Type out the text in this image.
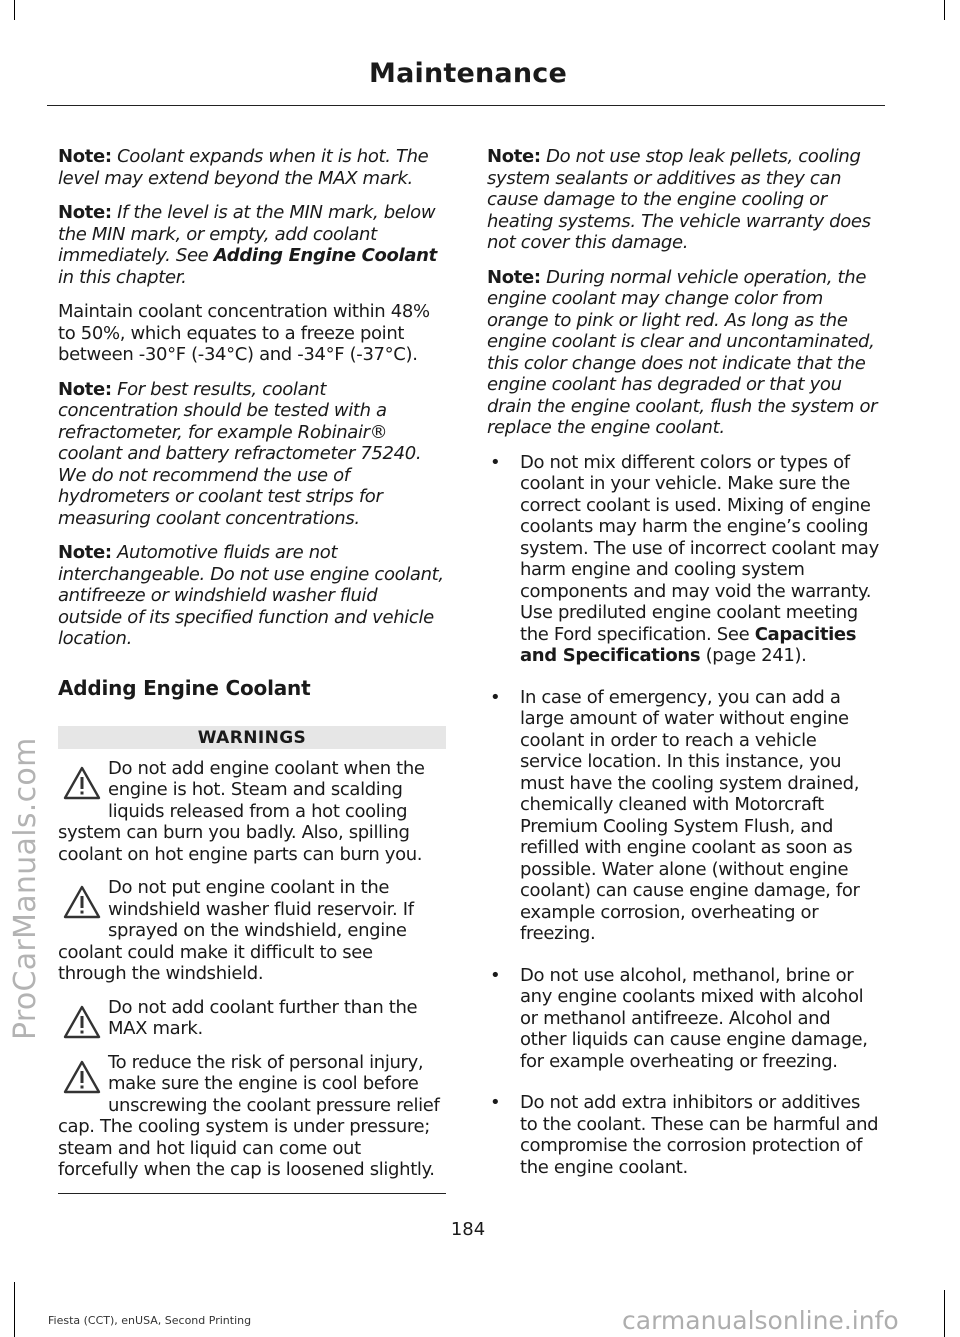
Maintenance

Note: Coolant expands when it is hot. The level may extend beyond the MAX mark.

Note: If the level is at the MIN mark, below the MIN mark, or empty, add coolant immediately. See Adding Engine Coolant in this chapter.

Maintain coolant concentration within 48% to 50%, which equates to a freeze point between -30°F (-34°C) and -34°F (-37°C).

Note: For best results, coolant concentration should be tested with a refractometer, for example Robinair® coolant and battery refractometer 75240. We do not recommend the use of hydrometers or coolant test strips for measuring coolant concentrations.

Note: Automotive fluids are not interchangeable. Do not use engine coolant, antifreeze or windshield washer fluid outside of its specified function and vehicle location.

Adding Engine Coolant
WARNINGS
Do not add engine coolant when the engine is hot. Steam and scalding liquids released from a hot cooling system can burn you badly. Also, spilling coolant on hot engine parts can burn you.
Do not put engine coolant in the windshield washer fluid reservoir. If sprayed on the windshield, engine coolant could make it difficult to see through the windshield.
Do not add coolant further than the MAX mark.
To reduce the risk of personal injury, make sure the engine is cool before unscrewing the coolant pressure relief cap. The cooling system is under pressure; steam and hot liquid can come out forcefully when the cap is loosened slightly.

Note: Do not use stop leak pellets, cooling system sealants or additives as they can cause damage to the engine cooling or heating systems. The vehicle warranty does not cover this damage.

Note: During normal vehicle operation, the engine coolant may change color from orange to pink or light red. As long as the engine coolant is clear and uncontaminated, this color change does not indicate that the engine coolant has degraded or that you drain the engine coolant, flush the system or replace the engine coolant.

• Do not mix different colors or types of coolant in your vehicle. Make sure the correct coolant is used. Mixing of engine coolants may harm the engine’s cooling system. The use of incorrect coolant may harm engine and cooling system components and may void the warranty. Use prediluted engine coolant meeting the Ford specification. See Capacities and Specifications (page 241).
• In case of emergency, you can add a large amount of water without engine coolant in order to reach a vehicle service location. In this instance, you must have the cooling system drained, chemically cleaned with Motorcraft Premium Cooling System Flush, and refilled with engine coolant as soon as possible. Water alone (without engine coolant) can cause engine damage, for example corrosion, overheating or freezing.
• Do not use alcohol, methanol, brine or any engine coolants mixed with alcohol or methanol antifreeze. Alcohol and other liquids can cause engine damage, for example overheating or freezing.
• Do not add extra inhibitors or additives to the coolant. These can be harmful and compromise the corrosion protection of the engine coolant.
184
Fiesta (CCT), enUSA, Second Printing
ProCarManuals.com
carmanualsonline.info
